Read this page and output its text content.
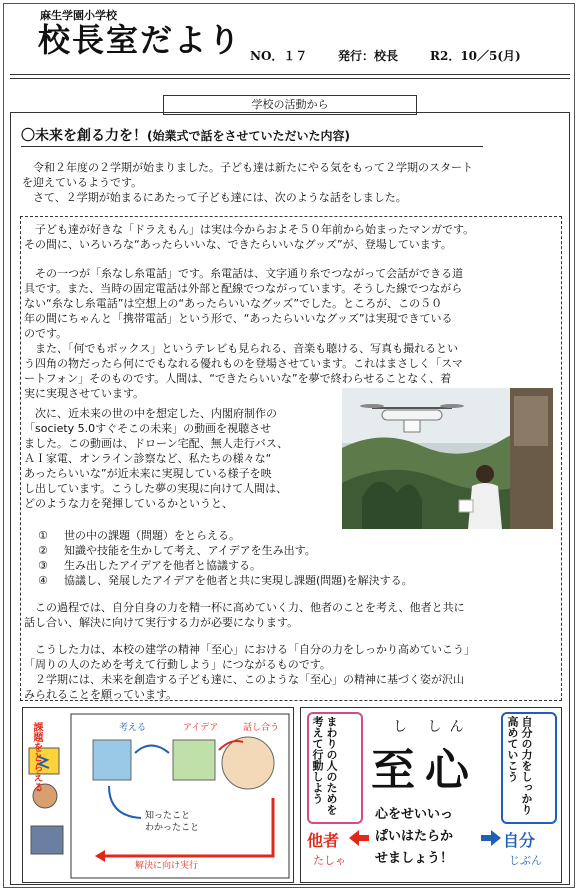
麻生学園小学校
校長室だより NO．１７	発行：校長	R2．10／5(月)
学校の活動から
〇未来を創る力を！(始業式で話をさせていただいた内容)
　令和２年度の２学期が始まりました。子ども達は新たにやる気をもって２学期のスタート
を迎えているようです。
　さて、２学期が始まるにあたって子ども達には、次のような話をしました。
　子ども達が好きな「ドラえもん」は実は今からおよそ５０年前から始まったマンガです。
その間に、いろいろな“あったらいいな、できたらいいなグッズ”が、登場しています。
　その一つが「糸なし糸電話」です。糸電話は、文字通り糸でつながって会話ができる道
具です。また、当時の固定電話は外部と配線でつながっています。そうした線でつながら
ない“糸なし糸電話”は空想上の“あったらいいなグッズ”でした。ところが、この５０
年の間にちゃんと「携帯電話」という形で、“あったらいいなグッズ”は実現できている
のです。
　また、「何でもボックス」というテレビも見られる、音楽も聴ける、写真も撮れるとい
う四角の物だったら何にでもなれる優れものを登場させています。これはまさしく「スマ
ートフォン」そのものです。人間は、“できたらいいな”を夢で終わらせることなく、着
実に実現させています。
　次に、近未来の世の中を想定した、内閣府制作の
「society 5.0すぐそこの未来」の動画を視聴させ
ました。この動画は、ドローン宅配、無人走行バス、
ＡＩ家電、オンライン診察など、私たちの様々な“
あったらいいな”が近未来に実現している様子を映
し出しています。こうした夢の実現に向けて人間は、
どのような力を発揮しているかというと、
① 世の中の課題（問題）をとらえる。
② 知識や技能を生かして考え、アイデアを生み出す。
③ 生み出したアイデアを他者と協議する。
④ 協議し、発展したアイデアを他者と共に実現し課題(問題)を解決する。
　この過程では、自分自身の力を精一杯に高めていく力、他者のことを考え、他者と共に
話し合い、解決に向けて実行する力が必要になります。
　こうした力は、本校の建学の精神「至心」における「自分の力をしっかり高めていこう」
「周りの人のためを考えて行動しよう」につながるものです。
　２学期には、未来を創造する子ども達に、このような「至心」の精神に基づく姿が沢山
みられることを願っています。
課題をとらえる	考える	アイデア	話し合う
知ったこと
わかったこと
解決に向け実行
まわりの人のためを考えて行動しよう	自分の力をしっかり高めていこう
し しん
至心
心をせいいっ
ぱいはたらか
せましょう！
他者
たしゃ
自分
じぶん
